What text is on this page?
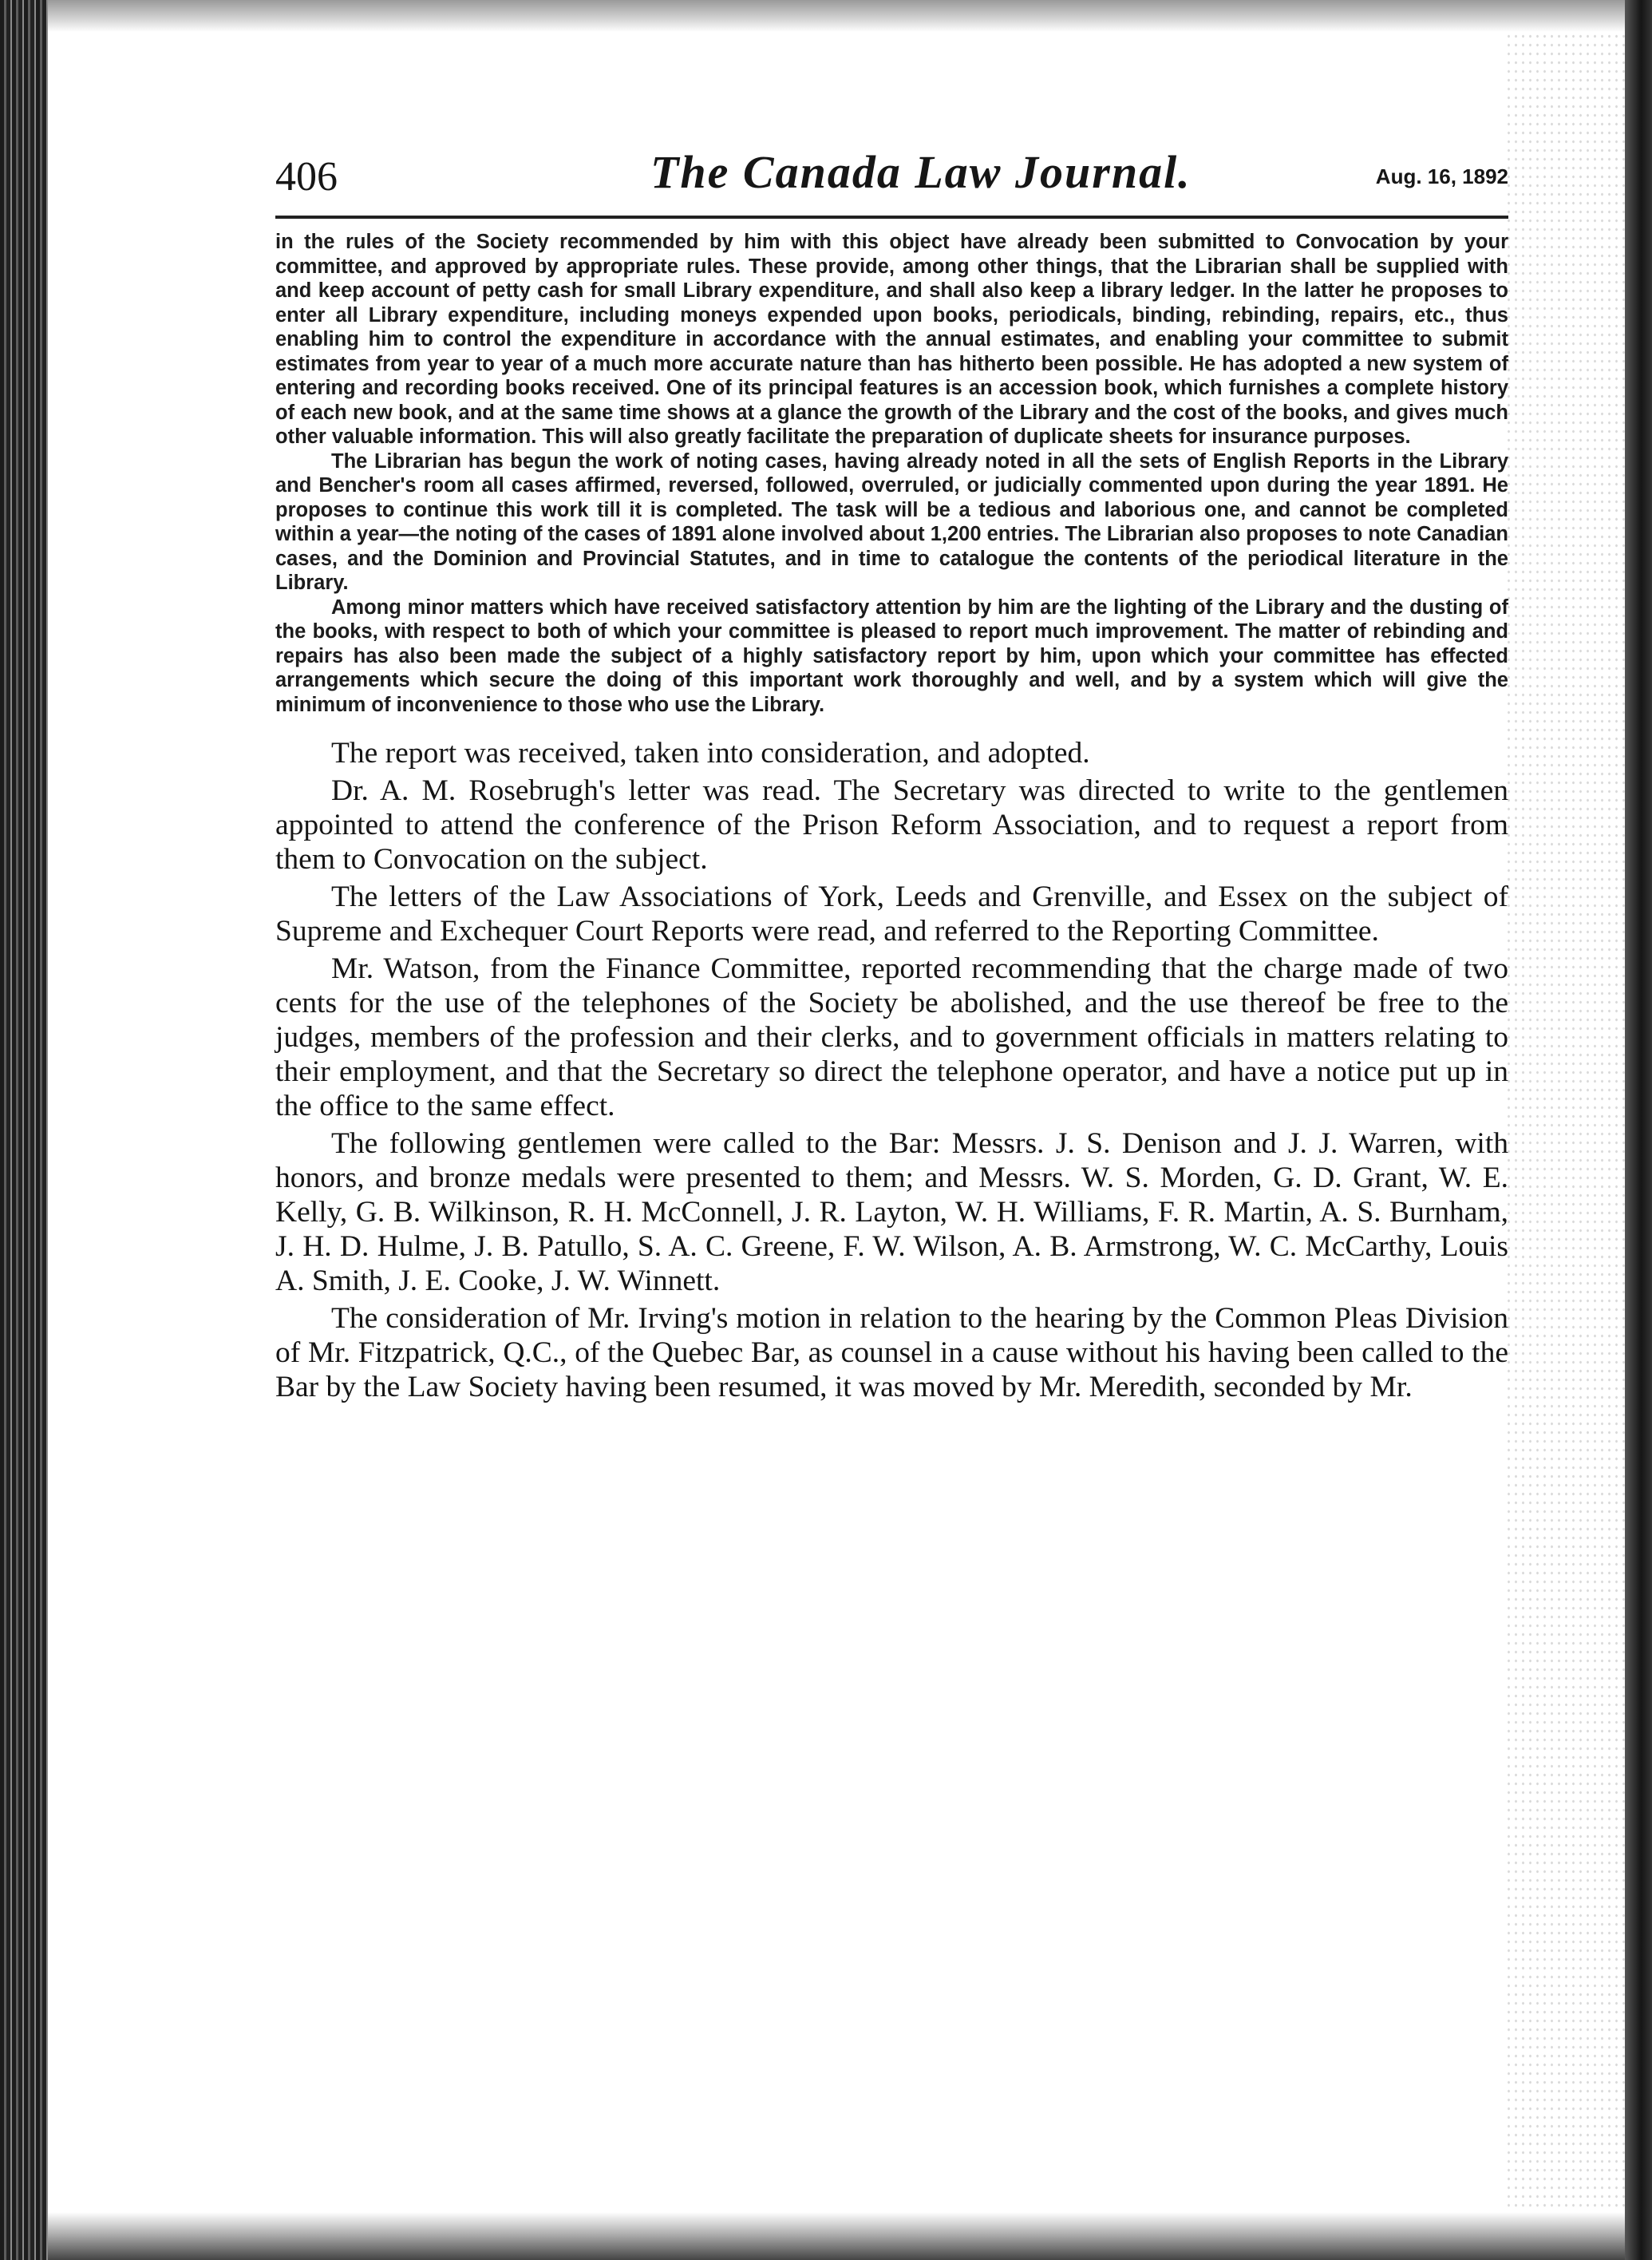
406	The Canada Law Journal.	Aug. 16, 1892

in the rules of the Society recommended by him with this object have already been submitted to Convocation by your committee, and approved by appropriate rules. These provide, among other things, that the Librarian shall be supplied with and keep account of petty cash for small Library expenditure, and shall also keep a library ledger. In the latter he proposes to enter all Library expenditure, including moneys expended upon books, periodicals, binding, rebinding, repairs, etc., thus enabling him to control the expenditure in accordance with the annual estimates, and enabling your committee to submit estimates from year to year of a much more accurate nature than has hitherto been possible. He has adopted a new system of entering and recording books received. One of its principal features is an accession book, which furnishes a complete history of each new book, and at the same time shows at a glance the growth of the Library and the cost of the books, and gives much other valuable information. This will also greatly facilitate the preparation of duplicate sheets for insurance purposes.

The Librarian has begun the work of noting cases, having already noted in all the sets of English Reports in the Library and Bencher's room all cases affirmed, reversed, followed, overruled, or judicially commented upon during the year 1891. He proposes to continue this work till it is completed. The task will be a tedious and laborious one, and cannot be completed within a year—the noting of the cases of 1891 alone involved about 1,200 entries. The Librarian also proposes to note Canadian cases, and the Dominion and Provincial Statutes, and in time to catalogue the contents of the periodical literature in the Library.

Among minor matters which have received satisfactory attention by him are the lighting of the Library and the dusting of the books, with respect to both of which your committee is pleased to report much improvement. The matter of rebinding and repairs has also been made the subject of a highly satisfactory report by him, upon which your committee has effected arrangements which secure the doing of this important work thoroughly and well, and by a system which will give the minimum of inconvenience to those who use the Library.

The report was received, taken into consideration, and adopted.

Dr. A. M. Rosebrugh's letter was read. The Secretary was directed to write to the gentlemen appointed to attend the conference of the Prison Reform Association, and to request a report from them to Convocation on the subject.

The letters of the Law Associations of York, Leeds and Grenville, and Essex on the subject of Supreme and Exchequer Court Reports were read, and referred to the Reporting Committee.

Mr. Watson, from the Finance Committee, reported recommending that the charge made of two cents for the use of the telephones of the Society be abolished, and the use thereof be free to the judges, members of the profession and their clerks, and to government officials in matters relating to their employment, and that the Secretary so direct the telephone operator, and have a notice put up in the office to the same effect.

The following gentlemen were called to the Bar: Messrs. J. S. Denison and J. J. Warren, with honors, and bronze medals were presented to them; and Messrs. W. S. Morden, G. D. Grant, W. E. Kelly, G. B. Wilkinson, R. H. McConnell, J. R. Layton, W. H. Williams, F. R. Martin, A. S. Burnham, J. H. D. Hulme, J. B. Patullo, S. A. C. Greene, F. W. Wilson, A. B. Armstrong, W. C. McCarthy, Louis A. Smith, J. E. Cooke, J. W. Winnett.

The consideration of Mr. Irving's motion in relation to the hearing by the Common Pleas Division of Mr. Fitzpatrick, Q.C., of the Quebec Bar, as counsel in a cause without his having been called to the Bar by the Law Society having been resumed, it was moved by Mr. Meredith, seconded by Mr.
